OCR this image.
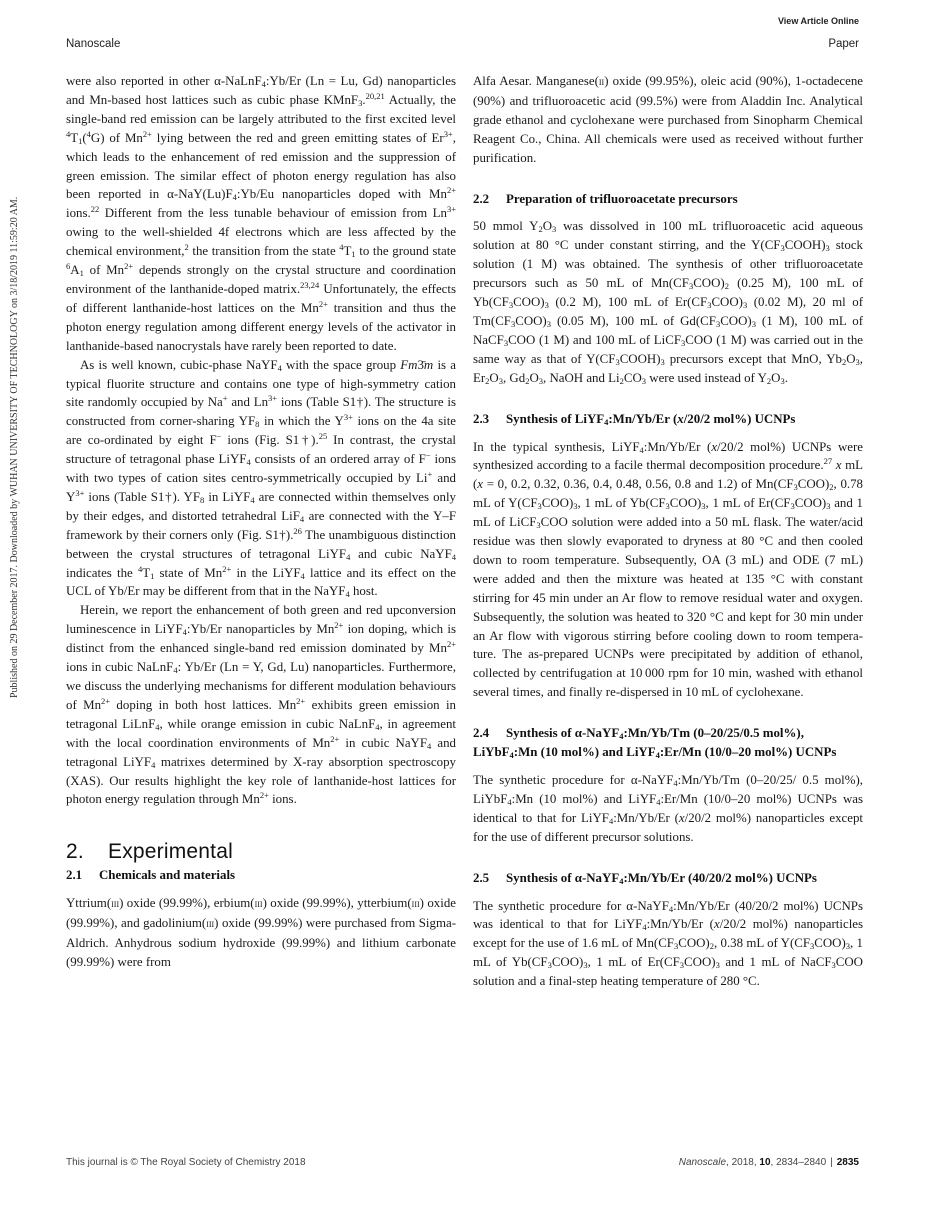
View Article Online
Nanoscale	Paper
Published on 29 December 2017. Downloaded by WUHAN UNIVERSITY OF TECHNOLOGY on 3/18/2019 11:59:20 AM.

were also reported in other α-NaLnF$_4$:Yb/Er (Ln = Lu, Gd) nanoparticles and Mn-based host lattices such as cubic phase KMnF$_3$.$^{20,21}$ Actually, the single-band red emission can be largely attributed to the first excited level $^4T_1(^4G)$ of $Mn^{2+}$ lying between the red and green emitting states of $Er^{3+}$, which leads to the enhancement of red emission and the suppression of green emission. The similar effect of photon energy regulation has also been reported in $\alpha-NaY(Lu)F_4:Yb/Eu$ nanoparticles doped with $Mn^{2+}$ ions.$^{22}$ Different from the less tunable behaviour of emission from $Ln^{3+}$ owing to the well-shielded 4f electrons which are less affected by the chemical environment,$^2$ the transition from the state $^4T_1$ to the ground state $^6A_1$ of $Mn^{2+}$ depends strongly on the crystal structure and coordination environment of the lanthanide-doped matrix.$^{23,24}$ Unfortunately, the effects of different lanthanide-host lattices on the $Mn^{2+}$ transition and thus the photon energy regulation among different energy levels of the activator in lanthanide-based nanocrystals have rarely been reported to date.

As is well known, cubic-phase NaYF$_4$ with the space group Fm3̄m is a typical fluorite structure and contains one type of high-symmetry cation site randomly occupied by Na+ and $Ln^{3+}$ ions (Table S1†). The structure is constructed from corner-sharing $YF_8$ in which the $Y^{3+}$ ions on the 4a site are co-ordinated by eight F− ions (Fig. S1†).$^{25}$ In contrast, the crystal structure of tetragonal phase LiYF$_4$ consists of an ordered array of F− ions with two types of cation sites centro-symmetrically occupied by Li+ and $Y^{3+}$ ions (Table S1†). $YF_8$ in LiYF$_4$ are connected within themselves only by their edges, and distorted tetrahedral LiF$_4$ are connected with the Y–F framework by their corners only (Fig. S1†).$^{26}$ The unambiguous distinction between the crystal structures of tetragonal LiYF$_4$ and cubic NaYF$_4$ indicates the $^4T_1$ state of $Mn^{2+}$ in the LiYF$_4$ lattice and its effect on the UCL of Yb/Er may be different from that in the NaYF$_4$ host.

Herein, we report the enhancement of both green and red upconversion luminescence in LiYF$_4$:Yb/Er nanoparticles by $Mn^{2+}$ ion doping, which is distinct from the enhanced single-band red emission dominated by $Mn^{2+}$ ions in cubic NaLnF$_4$: Yb/Er (Ln = Y, Gd, Lu) nanoparticles. Furthermore, we discuss the underlying mechanisms for different modulation behaviours of $Mn^{2+}$ doping in both host lattices. $Mn^{2+}$ exhibits green emission in tetragonal LiLnF$_4$, while orange emission in cubic NaLnF$_4$, in agreement with the local coordination environments of $Mn^{2+}$ in cubic NaYF$_4$ and tetragonal LiYF$_4$ matrixes determined by X-ray absorption spectroscopy (XAS). Our results highlight the key role of lanthanide-host lattices for photon energy regulation through $Mn^{2+}$ ions.

2. Experimental
2.1 Chemicals and materials

Yttrium(iii) oxide (99.99%), erbium(iii) oxide (99.99%), ytterbium(iii) oxide (99.99%), and gadolinium(iii) oxide (99.99%) were purchased from Sigma-Aldrich. Anhydrous sodium hydroxide (99.99%) and lithium carbonate (99.99%) were from

Alfa Aesar. Manganese(ii) oxide (99.95%), oleic acid (90%), 1-octadecene (90%) and trifluoroacetic acid (99.5%) were from Aladdin Inc. Analytical grade ethanol and cyclohexane were purchased from Sinopharm Chemical Reagent Co., China. All chemicals were used as received without further purification.

2.2 Preparation of trifluoroacetate precursors

50 mmol $Y_2O_3$ was dissolved in 100 mL trifluoroacetic acid aqueous solution at 80 °C under constant stirring, and the $Y(CF_3COOH)_3$ stock solution (1 M) was obtained. The synthesis of other trifluoroacetate precursors such as 50 mL of $Mn(CF_3COO)_2$ (0.25 M), 100 mL of $Yb(CF_3COO)_3$ (0.2 M), 100 mL of $Er(CF_3COO)_3$ (0.02 M), 20 ml of $Tm(CF_3COO)_3$ (0.05 M), 100 mL of $Gd(CF_3COO)_3$ (1 M), 100 mL of NaCF$_3$COO (1 M) and 100 mL of LiCF$_3$COO (1 M) was carried out in the same way as that of $Y(CF_3COOH)_3$ precursors except that MnO, $Yb_2O_3$, $Er_2O_3$, $Gd_2O_3$, NaOH and $Li_2CO_3$ were used instead of $Y_2O_3$.

2.3 Synthesis of LiYF$_4$:Mn/Yb/Er (x/20/2 mol%) UCNPs

In the typical synthesis, LiYF$_4$:Mn/Yb/Er (x/20/2 mol%) UCNPs were synthesized according to a facile thermal decomposition procedure.$^{27}$ x mL (x = 0, 0.2, 0.32, 0.36, 0.4, 0.48, 0.56, 0.8 and 1.2) of $Mn(CF_3COO)_2$, 0.78 mL of $Y(CF_3COO)_3$, 1 mL of $Yb(CF_3COO)_3$, 1 mL of $Er(CF_3COO)_3$ and 1 mL of LiCF$_3$COO solution were added into a 50 mL flask. The water/acid residue was then slowly evaporated to dryness at 80 °C and then cooled down to room temperature. Subsequently, OA (3 mL) and ODE (7 mL) were added and then the mixture was heated at 135 °C with constant stirring for 45 min under an Ar flow to remove residual water and oxygen. Subsequently, the solution was heated to 320 °C and kept for 30 min under an Ar flow with vigorous stirring before cooling down to room temperature. The as-prepared UCNPs were precipitated by addition of ethanol, collected by centrifugation at 10 000 rpm for 10 min, washed with ethanol several times, and finally re-dispersed in 10 mL of cyclohexane.

2.4 Synthesis of α-NaYF$_4$:Mn/Yb/Tm (0–20/25/0.5 mol%), LiYbF$_4$:Mn (10 mol%) and LiYF$_4$:Er/Mn (10/0–20 mol%) UCNPs

The synthetic procedure for α-NaYF$_4$:Mn/Yb/Tm (0–20/25/ 0.5 mol%), LiYbF$_4$:Mn (10 mol%) and LiYF$_4$:Er/Mn (10/0–20 mol%) UCNPs was identical to that for LiYF$_4$:Mn/Yb/Er (x/20/2 mol%) nanoparticles except for the use of different precursor solutions.

2.5 Synthesis of α-NaYF$_4$:Mn/Yb/Er (40/20/2 mol%) UCNPs

The synthetic procedure for α-NaYF$_4$:Mn/Yb/Er (40/20/2 mol%) UCNPs was identical to that for LiYF$_4$:Mn/Yb/Er (x/20/2 mol%) nanoparticles except for the use of 1.6 mL of $Mn(CF_3COO)_2$, 0.38 mL of $Y(CF_3COO)_3$, 1 mL of $Yb(CF_3COO)_3$, 1 mL of $Er(CF_3COO)_3$ and 1 mL of NaCF$_3$COO solution and a final-step heating temperature of 280 °C.

This journal is © The Royal Society of Chemistry 2018	Nanoscale, 2018, 10, 2834–2840 | 2835
